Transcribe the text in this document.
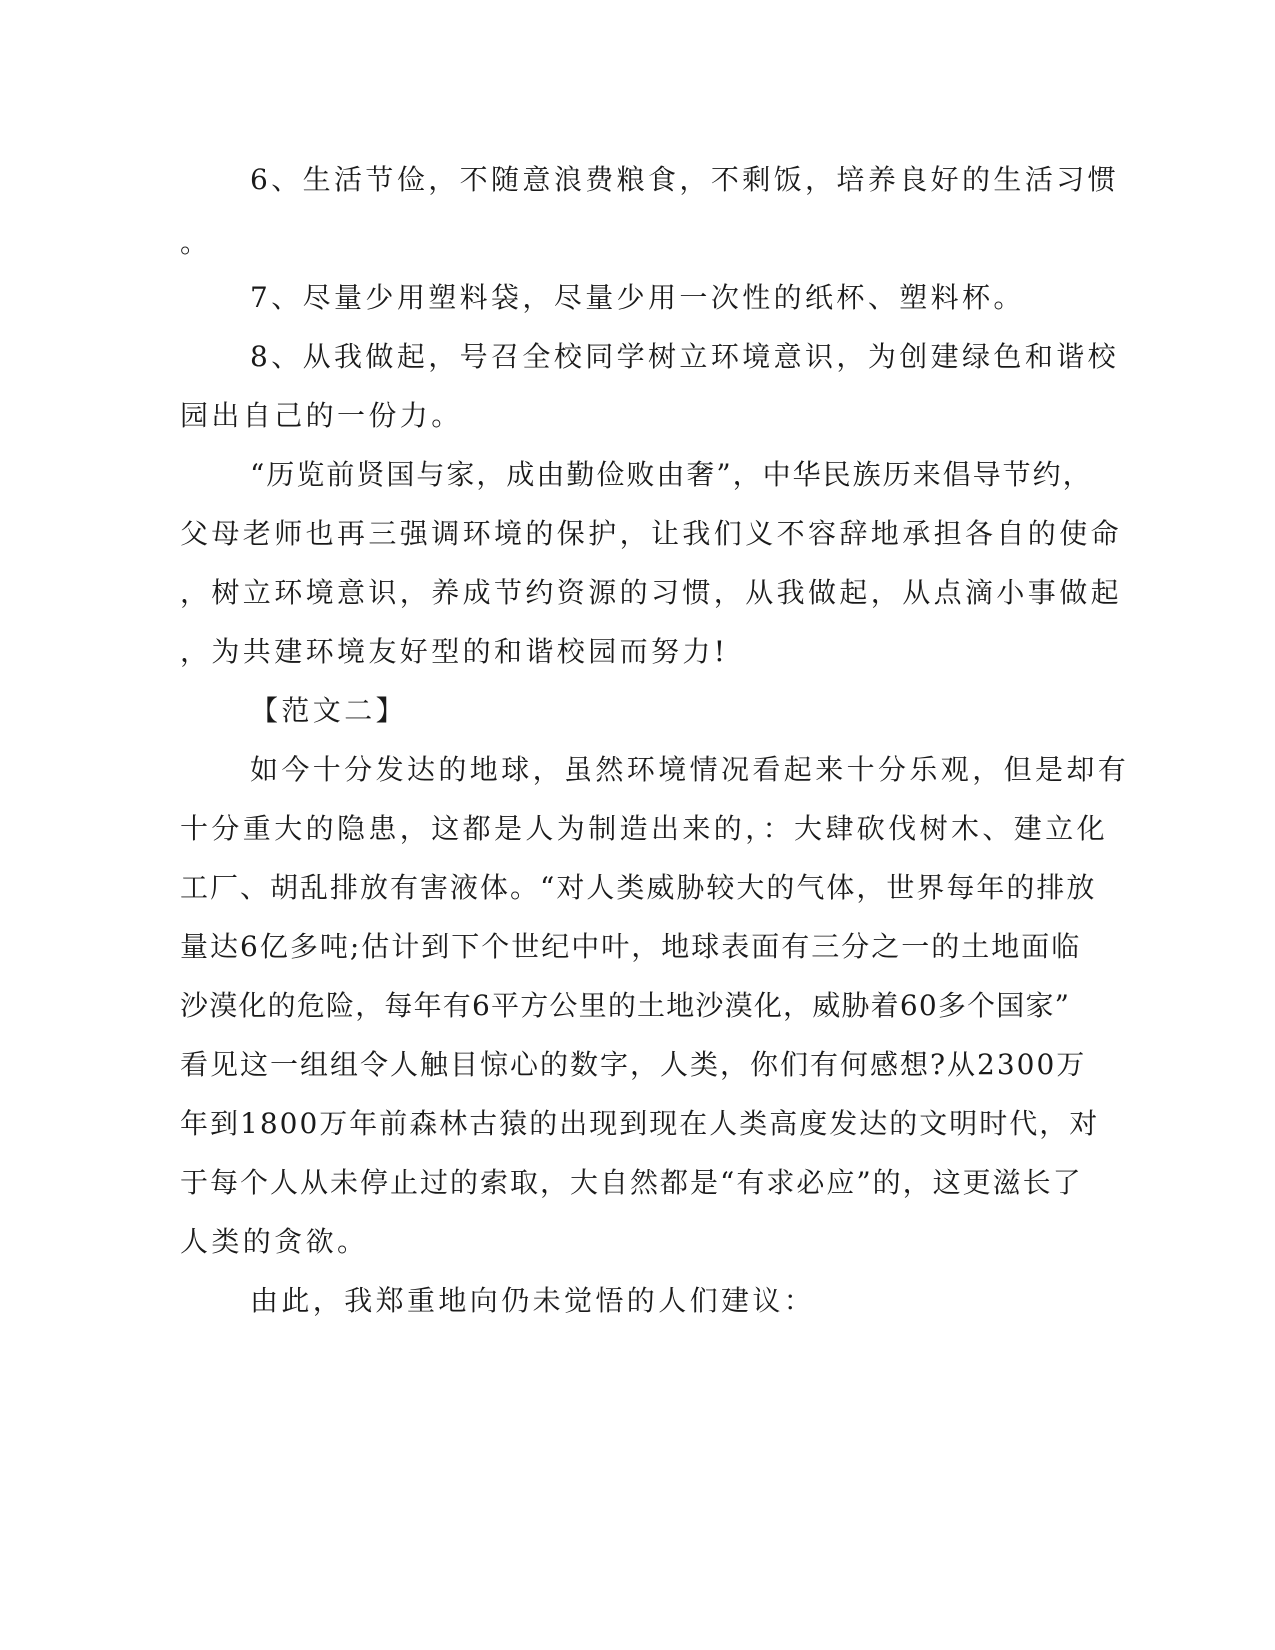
6、生活节俭，不随意浪费粮食，不剩饭，培养良好的生活习惯
。
7、尽量少用塑料袋，尽量少用一次性的纸杯、塑料杯。
8、从我做起，号召全校同学树立环境意识，为创建绿色和谐校
园出自己的一份力。
“历览前贤国与家，成由勤俭败由奢”，中华民族历来倡导节约，
父母老师也再三强调环境的保护，让我们义不容辞地承担各自的使命
，树立环境意识，养成节约资源的习惯，从我做起，从点滴小事做起
，为共建环境友好型的和谐校园而努力!
【范文二】
如今十分发达的地球，虽然环境情况看起来十分乐观，但是却有
十分重大的隐患，这都是人为制造出来的，：大肆砍伐树木、建立化
工厂、胡乱排放有害液体。“对人类威胁较大的气体，世界每年的排放
量达6亿多吨;估计到下个世纪中叶，地球表面有三分之一的土地面临
沙漠化的危险，每年有6平方公里的土地沙漠化，威胁着60多个国家”
看见这一组组令人触目惊心的数字，人类，你们有何感想?从2300万
年到1800万年前森林古猿的出现到现在人类高度发达的文明时代，对
于每个人从未停止过的索取，大自然都是“有求必应”的，这更滋长了
人类的贪欲。
由此，我郑重地向仍未觉悟的人们建议：
